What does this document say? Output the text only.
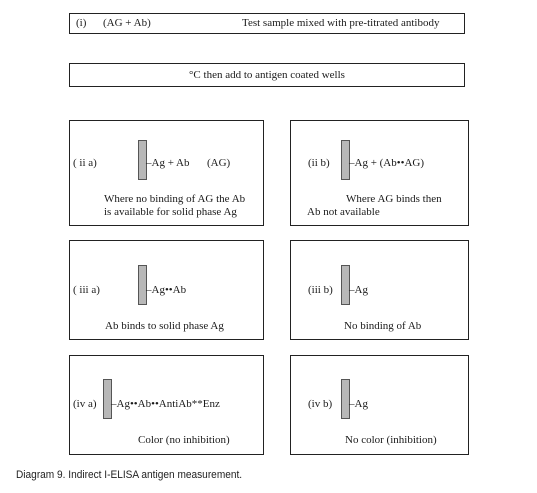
(i) (AG + Ab)	Test sample mixed with pre-titrated antibody
°C then add to antigen coated wells
( ii a)	–Ag + Ab (AG)
Where no binding of AG the Ab
is available for solid phase Ag
(ii b) –Ag + (Ab••AG)
Where AG binds then
Ab not available
( iii a)	–Ag••Ab
Ab binds to solid phase Ag
(iii b) –Ag
No binding of Ab
(iv a) –Ag••Ab••AntiAb**Enz
Color (no inhibition)
(iv b) –Ag
No color (inhibition)
Diagram 9. Indirect I-ELISA antigen measurement.
